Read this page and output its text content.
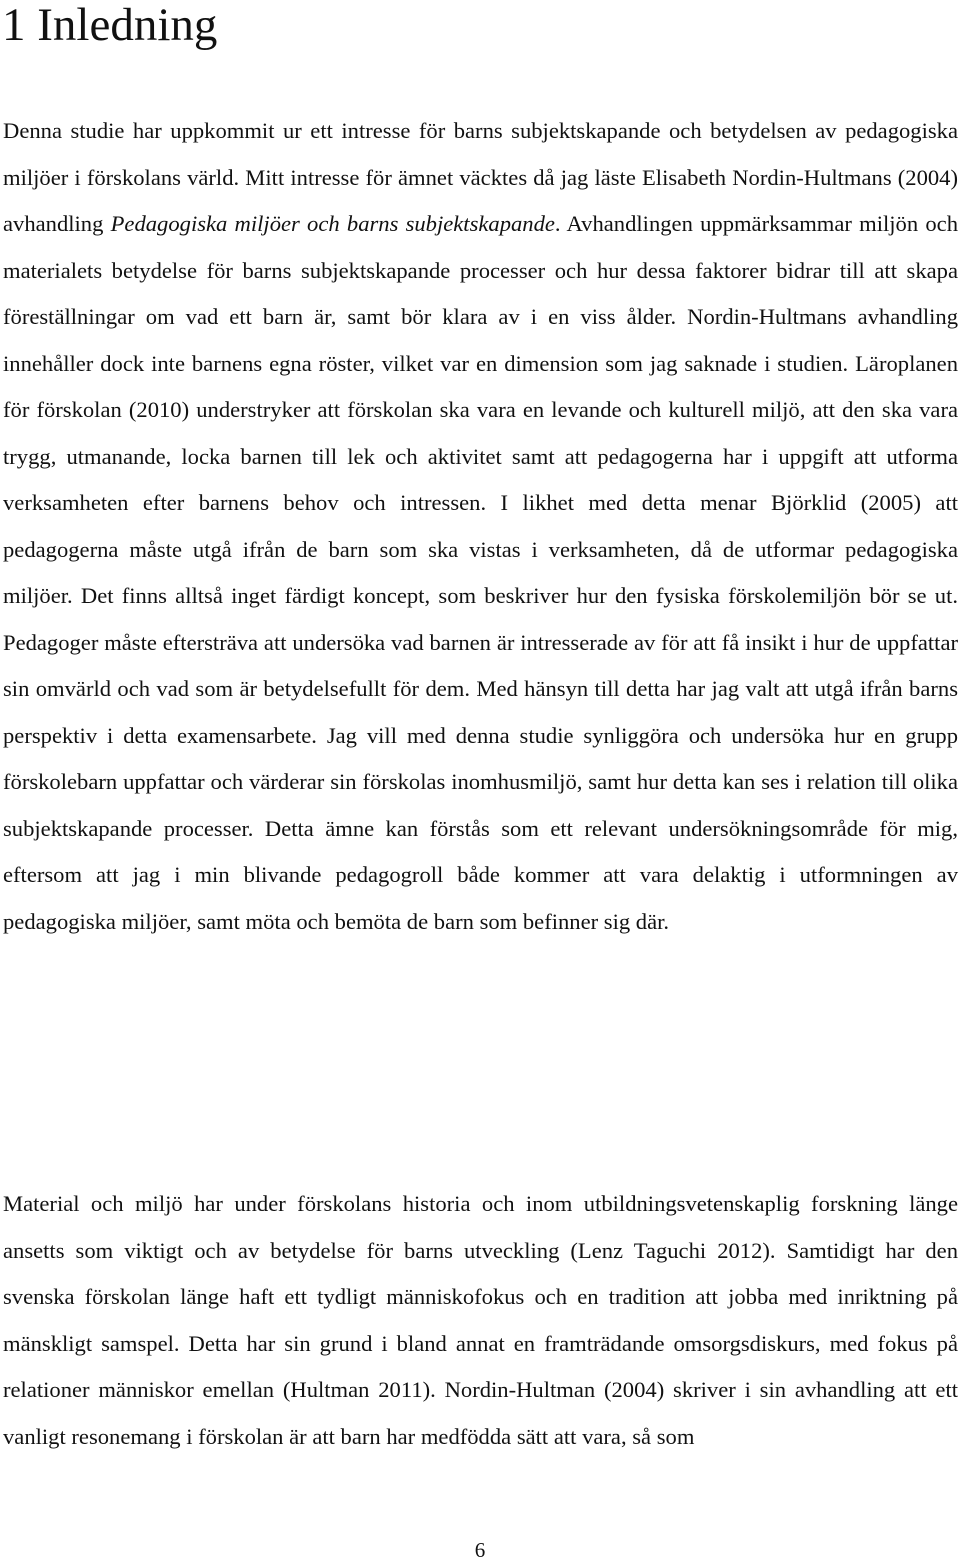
1 Inledning

Denna studie har uppkommit ur ett intresse för barns subjektskapande och betydelsen av pedagogiska miljöer i förskolans värld. Mitt intresse för ämnet väcktes då jag läste Elisabeth Nordin-Hultmans (2004) avhandling Pedagogiska miljöer och barns subjektskapande. Avhandlingen uppmärksammar miljön och materialets betydelse för barns subjektskapande processer och hur dessa faktorer bidrar till att skapa föreställningar om vad ett barn är, samt bör klara av i en viss ålder. Nordin-Hultmans avhandling innehåller dock inte barnens egna röster, vilket var en dimension som jag saknade i studien. Läroplanen för förskolan (2010) understryker att förskolan ska vara en levande och kulturell miljö, att den ska vara trygg, utmanande, locka barnen till lek och aktivitet samt att pedagogerna har i uppgift att utforma verksamheten efter barnens behov och intressen. I likhet med detta menar Björklid (2005) att pedagogerna måste utgå ifrån de barn som ska vistas i verksamheten, då de utformar pedagogiska miljöer. Det finns alltså inget färdigt koncept, som beskriver hur den fysiska förskolemiljön bör se ut. Pedagoger måste eftersträva att undersöka vad barnen är intresserade av för att få insikt i hur de uppfattar sin omvärld och vad som är betydelsefullt för dem. Med hänsyn till detta har jag valt att utgå ifrån barns perspektiv i detta examensarbete. Jag vill med denna studie synliggöra och undersöka hur en grupp förskolebarn uppfattar och värderar sin förskolas inomhusmiljö, samt hur detta kan ses i relation till olika subjektskapande processer. Detta ämne kan förstås som ett relevant undersökningsområde för mig, eftersom att jag i min blivande pedagogroll både kommer att vara delaktig i utformningen av pedagogiska miljöer, samt möta och bemöta de barn som befinner sig där.

Material och miljö har under förskolans historia och inom utbildningsvetenskaplig forskning länge ansetts som viktigt och av betydelse för barns utveckling (Lenz Taguchi 2012). Samtidigt har den svenska förskolan länge haft ett tydligt människofokus och en tradition att jobba med inriktning på mänskligt samspel. Detta har sin grund i bland annat en framträdande omsorgsdiskurs, med fokus på relationer människor emellan (Hultman 2011). Nordin-Hultman (2004) skriver i sin avhandling att ett vanligt resonemang i förskolan är att barn har medfödda sätt att vara, så som

6
